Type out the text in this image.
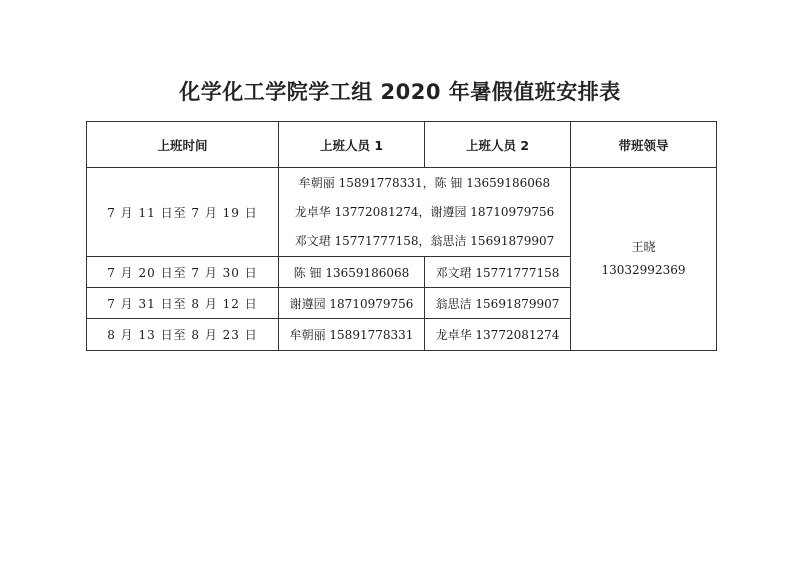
化学化工学院学工组 2020 年暑假值班安排表
上班时间	上班人员 1	上班人员 2	带班领导
7 月 11 日至 7 月 19 日	牟朝丽 15891778331，陈 钿 13659186068
龙卓华 13772081274，谢遵园 18710979756
邓文珺 15771777158，翁思洁 15691879907		王晓
13032992369

7 月 20 日至 7 月 30 日	陈 钿 13659186068	邓文珺 15771777158	
7 月 31 日至 8 月 12 日	谢遵园 18710979756	翁思洁 15691879907	
8 月 13 日至 8 月 23 日	牟朝丽 15891778331	龙卓华 13772081274	
